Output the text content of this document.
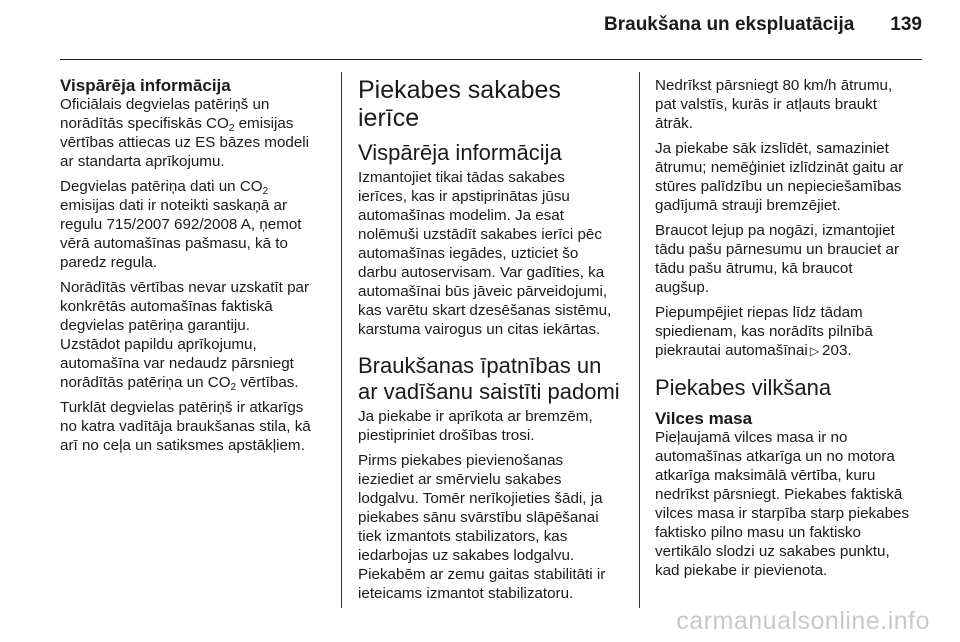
Braukšana un ekspluatācija 139
Vispārēja informācija
Oficiālais degvielas patēriņš un
norādītās specifiskās $CO_2$ emisijas
vērtības attiecas uz ES bāzes modeli
ar standarta aprīkojumu.
Degvielas patēriņa dati un $CO_2$
emisijas dati ir noteikti saskaņā ar
regulu 715/2007 692/2008 A, ņemot
vērā automašīnas pašmasu, kā to
paredz regula.
Norādītās vērtības nevar uzskatīt par
konkrētās automašīnas faktiskā
degvielas patēriņa garantiju.
Uzstādot papildu aprīkojumu,
automašīna var nedaudz pārsniegt
norādītās patēriņa un $CO_2$ vērtības.
Turklāt degvielas patēriņš ir atkarīgs
no katra vadītāja braukšanas stila, kā
arī no ceļa un satiksmes apstākļiem.
Piekabes sakabes
ierīce
Vispārēja informācija
Izmantojiet tikai tādas sakabes
ierīces, kas ir apstiprinātas jūsu
automašīnas modelim. Ja esat
nolēmuši uzstādīt sakabes ierīci pēc
automašīnas iegādes, uzticiet šo
darbu autoservisam. Var gadīties, ka
automašīnai būs jāveic pārveidojumi,
kas varētu skart dzesēšanas sistēmu,
karstuma vairogus un citas iekārtas.
Braukšanas īpatnības un
ar vadīšanu saistīti padomi
Ja piekabe ir aprīkota ar bremzēm,
piestipriniet drošības trosi.
Pirms piekabes pievienošanas
ieziediet ar smērvielu sakabes
lodgalvu. Tomēr nerīkojieties šādi, ja
piekabes sānu svārstību slāpēšanai
tiek izmantots stabilizators, kas
iedarbojas uz sakabes lodgalvu.
Piekabēm ar zemu gaitas stabilitāti ir
ieteicams izmantot stabilizatoru.
Nedrīkst pārsniegt 80 km/h ātrumu,
pat valstīs, kurās ir atļauts braukt
ātrāk.
Ja piekabe sāk izslīdēt, samaziniet
ātrumu; nemēģiniet izlīdzināt gaitu ar
stūres palīdzību un nepieciešamības
gadījumā strauji bremzējiet.
Braucot lejup pa nogāzi, izmantojiet
tādu pašu pārnesumu un brauciet ar
tādu pašu ātrumu, kā braucot
augšup.
Piepumpējiet riepas līdz tādam
spiedienam, kas norādīts pilnībā
piekrautai automašīnai ▷ 203.
Piekabes vilkšana
Vilces masa
Pieļaujamā vilces masa ir no
automašīnas atkarīga un no motora
atkarīga maksimālā vērtība, kuru
nedrīkst pārsniegt. Piekabes faktiskā
vilces masa ir starpība starp piekabes
faktisko pilno masu un faktisko
vertikālo slodzi uz sakabes punktu,
kad piekabe ir pievienota.
carmanualsonline.info
